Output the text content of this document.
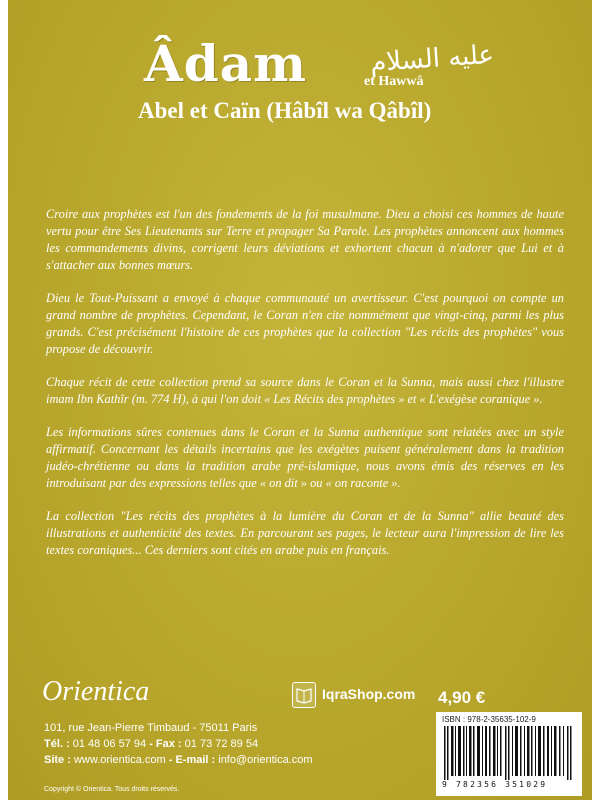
Âdam عليه السلام
et Hawwâ
Abel et Caïn (Hâbîl wa Qâbîl)

Croire aux prophètes est l'un des fondements de la foi musulmane. Dieu a choisi ces hommes de haute vertu pour être Ses Lieutenants sur Terre et propager Sa Parole. Les prophètes annoncent aux hommes les commandements divins, corrigent leurs déviations et exhortent chacun à n'adorer que Lui et à s'attacher aux bonnes mœurs.

Dieu le Tout-Puissant a envoyé à chaque communauté un avertisseur. C'est pourquoi on compte un grand nombre de prophètes. Cependant, le Coran n'en cite nommément que vingt-cinq, parmi les plus grands. C'est précisément l'histoire de ces prophètes que la collection "Les récits des prophètes" vous propose de découvrir.

Chaque récit de cette collection prend sa source dans le Coran et la Sunna, mais aussi chez l'illustre imam Ibn Kathîr (m. 774 H), à qui l'on doit « Les Récits des prophètes » et « L'exégèse coranique ».

Les informations sûres contenues dans le Coran et la Sunna authentique sont relatées avec un style affirmatif. Concernant les détails incertains que les exégètes puisent généralement dans la tradition judéo-chrétienne ou dans la tradition arabe pré-islamique, nous avons émis des réserves en les introduisant par des expressions telles que « on dit » ou « on raconte ».

La collection "Les récits des prophètes à la lumière du Coran et de la Sunna" allie beauté des illustrations et authenticité des textes. En parcourant ses pages, le lecteur aura l'impression de lire les textes coraniques... Ces derniers sont cités en arabe puis en français.

Orientica
101, rue Jean-Pierre Timbaud - 75011 Paris
Tél. : 01 48 06 57 94 - Fax : 01 73 72 89 54
Site : www.orientica.com - E-mail : info@orientica.com
Copyright © Orientica. Tous droits réservés.
IqraShop.com 4,90 €
ISBN : 978-2-35635-102-9
9 782356 351029
